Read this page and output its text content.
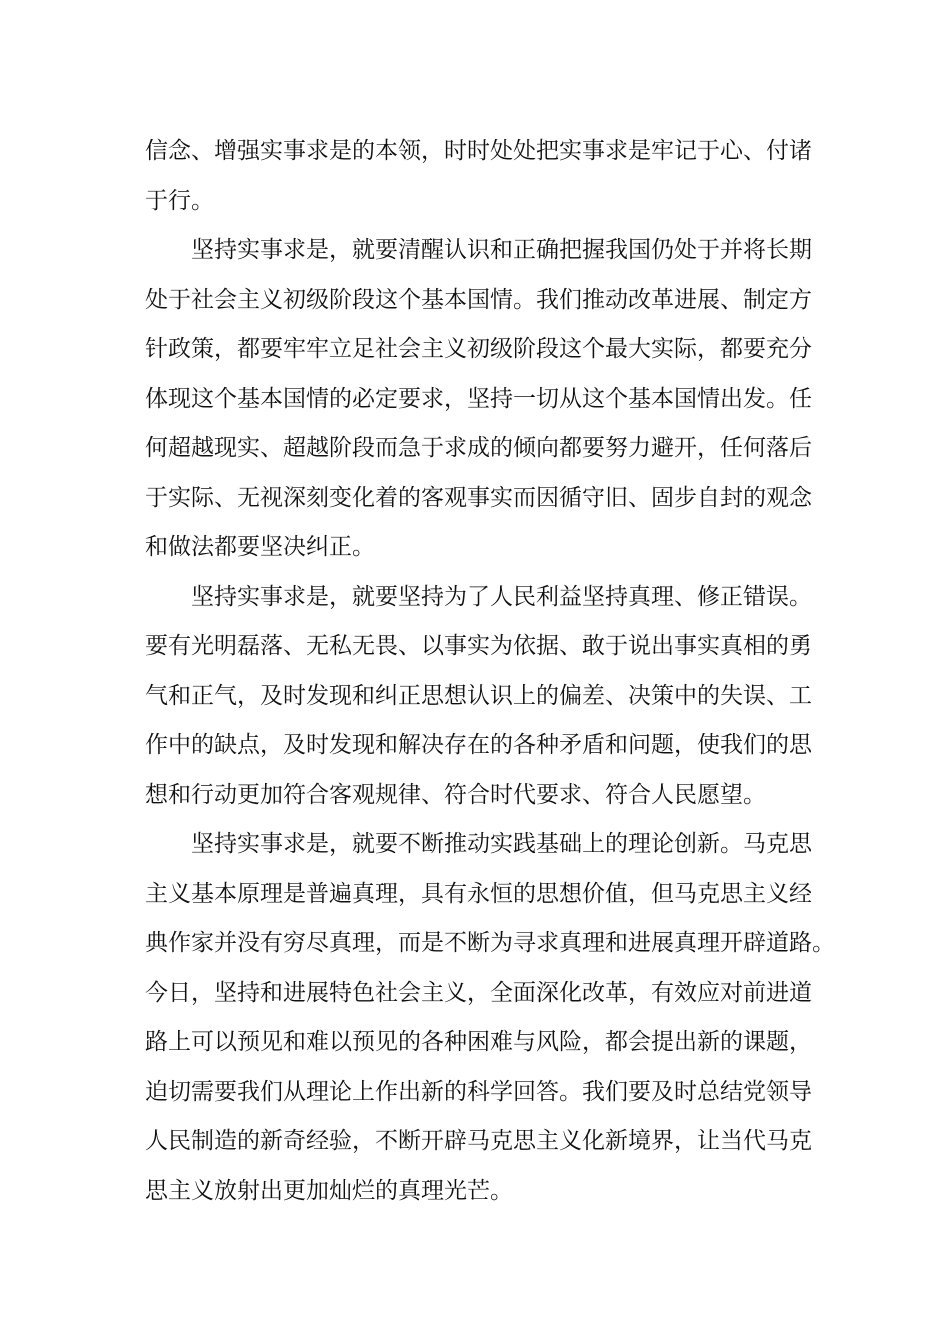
信念、增强实事求是的本领，时时处处把实事求是牢记于心、付诸
于行。
坚持实事求是，就要清醒认识和正确把握我国仍处于并将长期
处于社会主义初级阶段这个基本国情。我们推动改革进展、制定方
针政策，都要牢牢立足社会主义初级阶段这个最大实际，都要充分
体现这个基本国情的必定要求，坚持一切从这个基本国情出发。任
何超越现实、超越阶段而急于求成的倾向都要努力避开，任何落后
于实际、无视深刻变化着的客观事实而因循守旧、固步自封的观念
和做法都要坚决纠正。
坚持实事求是，就要坚持为了人民利益坚持真理、修正错误。
要有光明磊落、无私无畏、以事实为依据、敢于说出事实真相的勇
气和正气，及时发现和纠正思想认识上的偏差、决策中的失误、工
作中的缺点，及时发现和解决存在的各种矛盾和问题，使我们的思
想和行动更加符合客观规律、符合时代要求、符合人民愿望。
坚持实事求是，就要不断推动实践基础上的理论创新。马克思
主义基本原理是普遍真理，具有永恒的思想价值，但马克思主义经
典作家并没有穷尽真理，而是不断为寻求真理和进展真理开辟道路。
今日，坚持和进展特色社会主义，全面深化改革，有效应对前进道
路上可以预见和难以预见的各种困难与风险，都会提出新的课题，
迫切需要我们从理论上作出新的科学回答。我们要及时总结党领导
人民制造的新奇经验，不断开辟马克思主义化新境界，让当代马克
思主义放射出更加灿烂的真理光芒。
